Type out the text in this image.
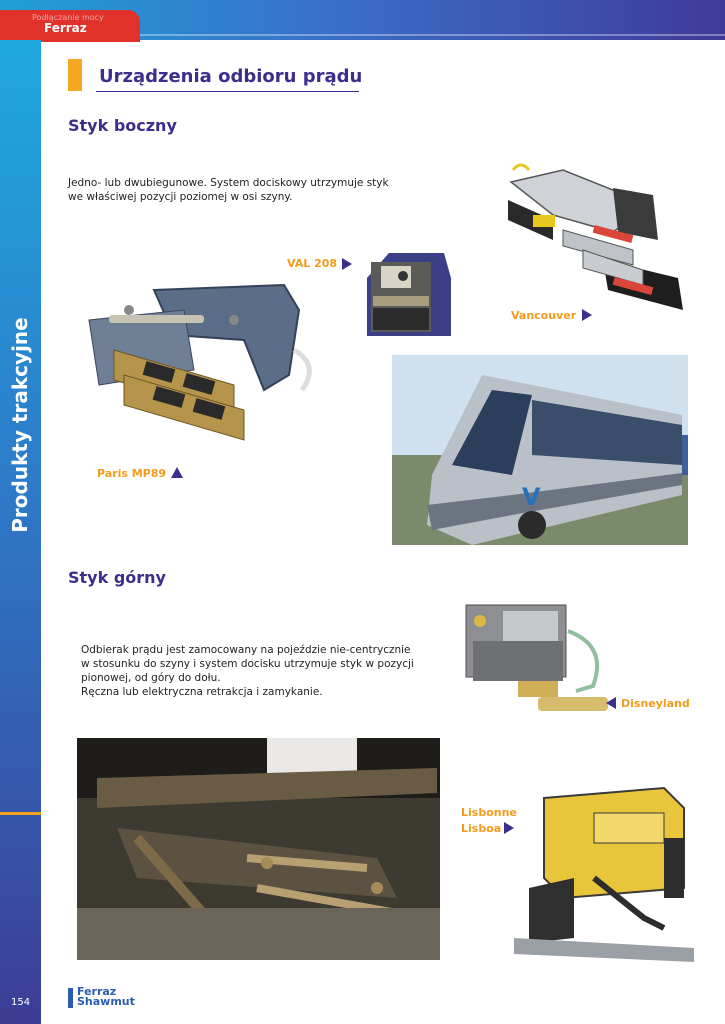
Podłączanie mocy
Ferraz
Produkty trakcyjne
154
Urządzenia odbioru prądu
Styk boczny
Jedno- lub dwubiegunowe. System dociskowy utrzymuje styk
we właściwej pozycji poziomej w osi szyny.
VAL 208
Vancouver
Paris MP89
V
Styk górny
Odbierak prądu jest zamocowany na pojeździe nie-centrycznie
w stosunku do szyny i system docisku utrzymuje styk w pozycji
pionowej, od góry do dołu.
Ręczna lub elektryczna retrakcja i zamykanie.
Disneyland
Lisbonne
Lisboa
Ferraz
Shawmut
